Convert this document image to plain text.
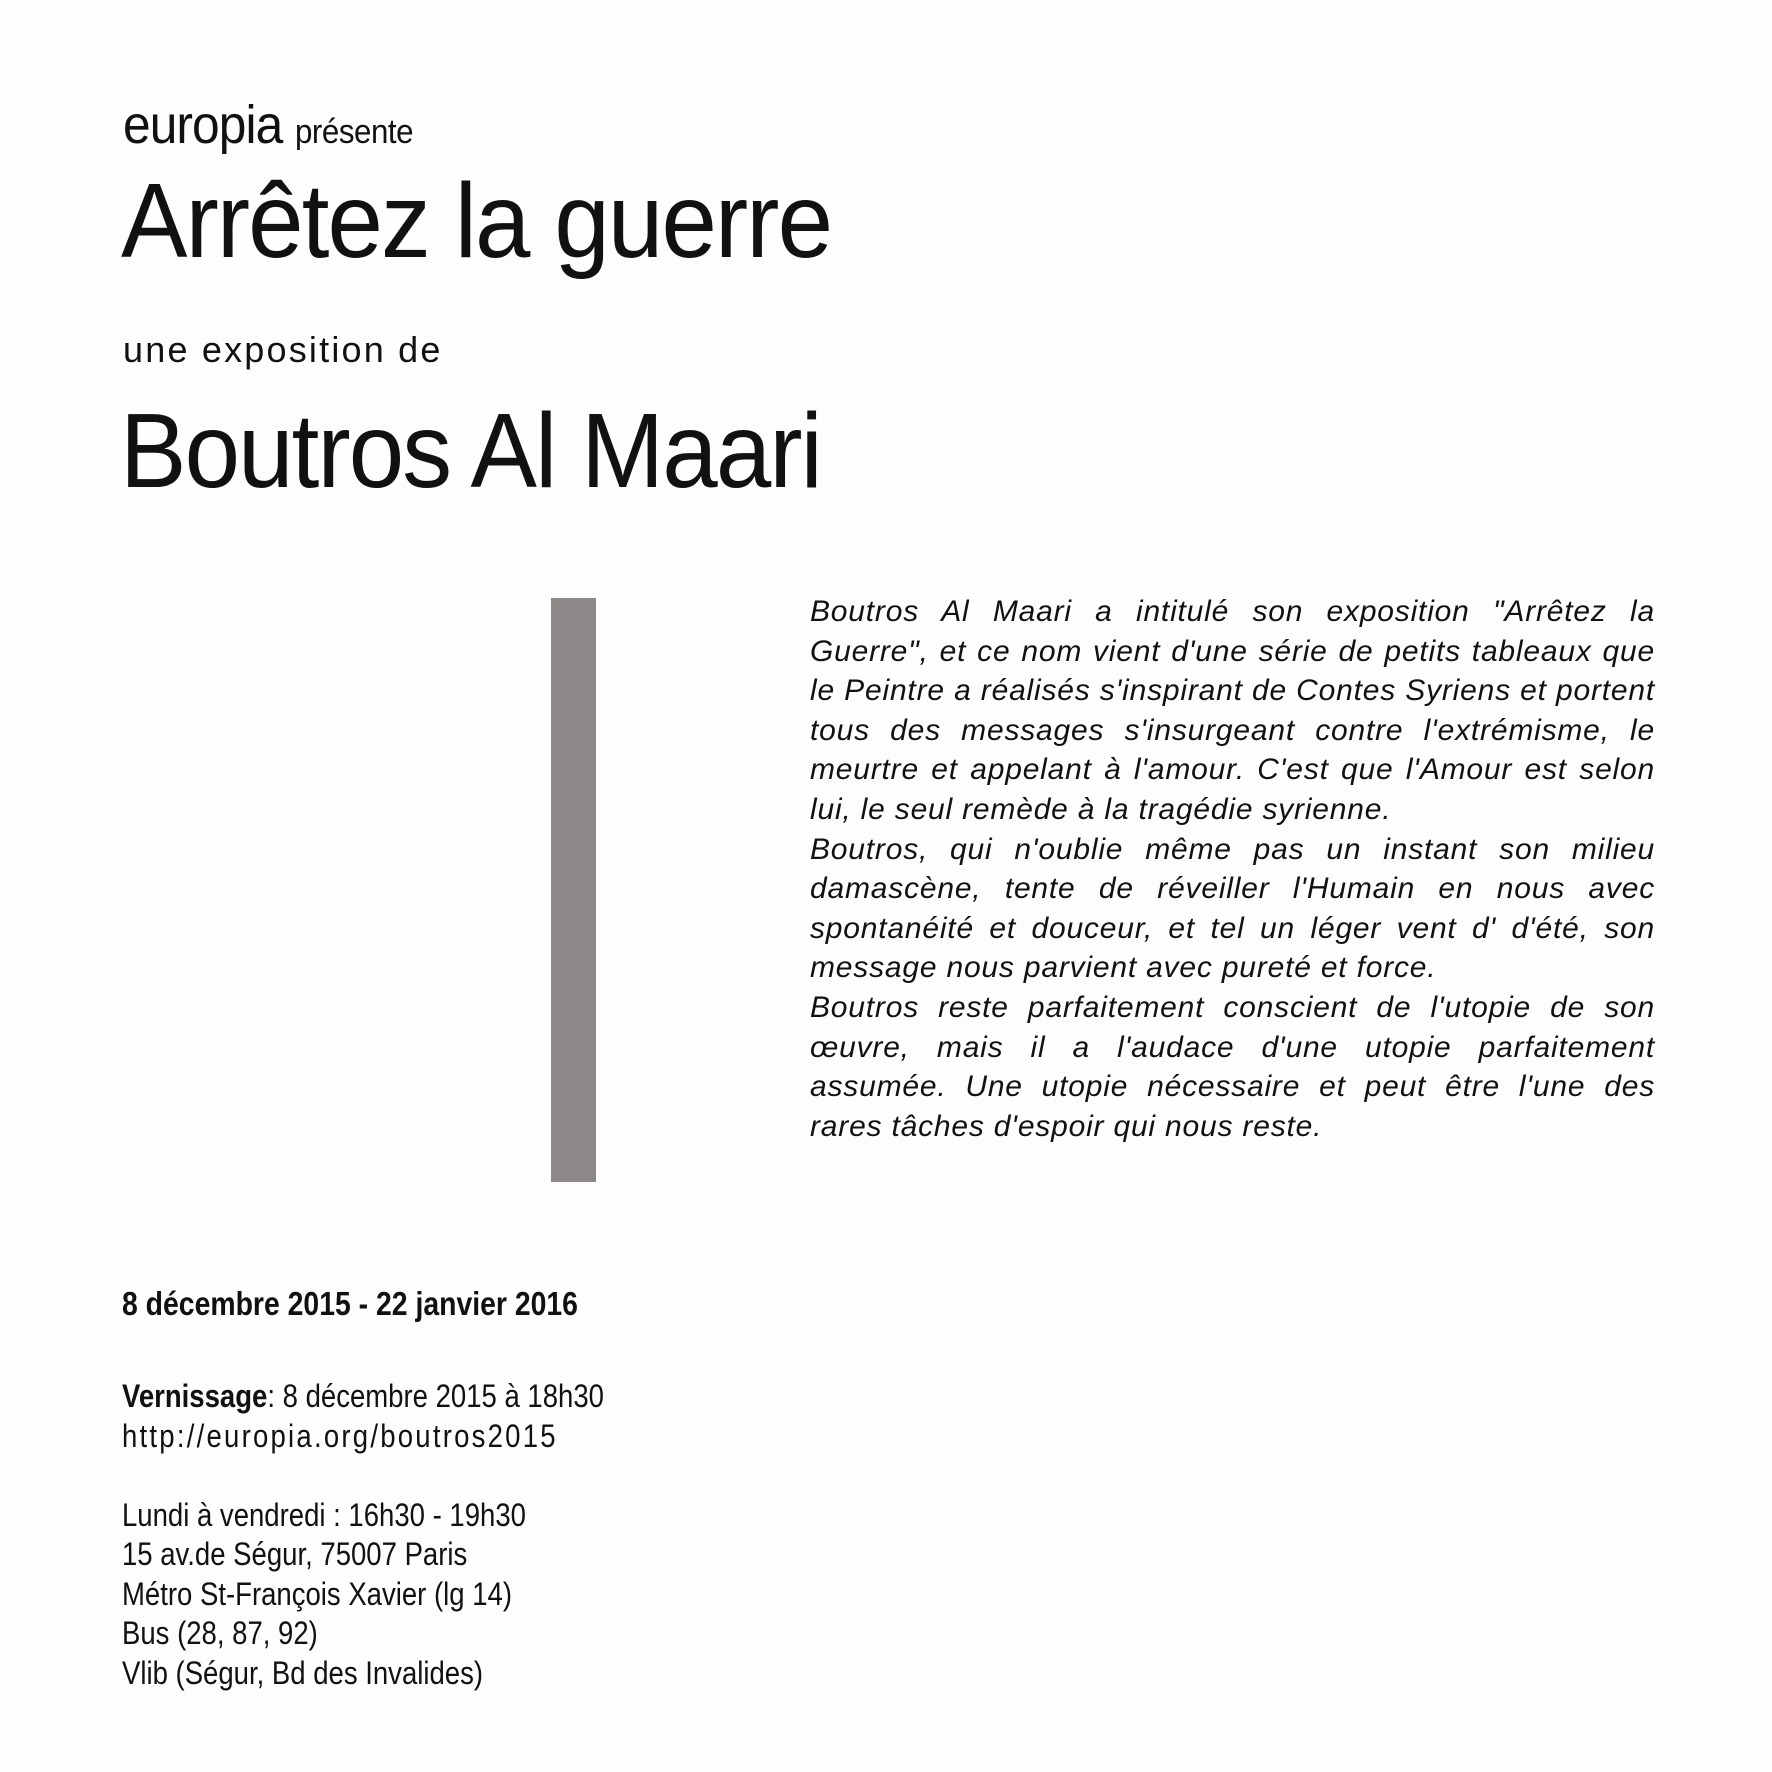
europia présente
Arrêtez la guerre
une exposition de
Boutros Al Maari

Boutros Al Maari a intitulé son exposition "Arrêtez la Guerre", et ce nom vient d'une série de petits tableaux que le Peintre a réalisés s'inspirant de Contes Syriens et portent tous des messages s'insurgeant contre l'extrémisme, le meurtre et appelant à l'amour. C'est que l'Amour est selon lui, le seul remède à la tragédie syrienne.

Boutros, qui n'oublie même pas un instant son milieu damascène, tente de réveiller l'Humain en nous avec spontanéité et douceur, et tel un léger vent d' d'été, son message nous parvient avec pureté et force.

Boutros reste parfaitement conscient de l'utopie de son œuvre, mais il a l'audace d'une utopie parfaitement assumée. Une utopie nécessaire et peut être l'une des rares tâches d'espoir qui nous reste.

8 décembre 2015 - 22 janvier 2016
Vernissage: 8 décembre 2015 à 18h30
http://europia.org/boutros2015
Lundi à vendredi : 16h30 - 19h30
15 av.de Ségur, 75007 Paris
Métro St-François Xavier (lg 14)
Bus (28, 87, 92)
Vlib (Ségur, Bd des Invalides)
